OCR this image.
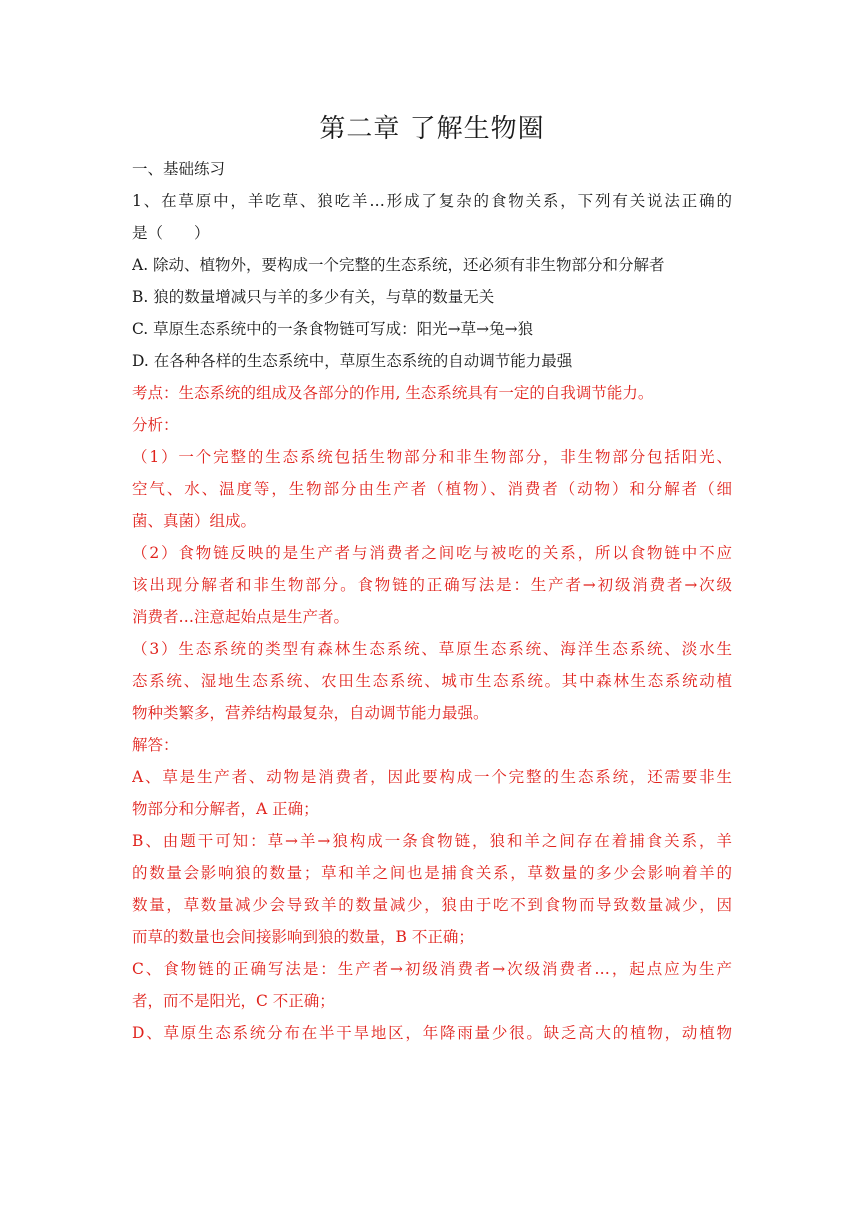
第二章 了解生物圈
一、基础练习
1、在草原中，羊吃草、狼吃羊…形成了复杂的食物关系，下列有关说法正确的
是（　　）
A. 除动、植物外，要构成一个完整的生态系统，还必须有非生物部分和分解者
B. 狼的数量增减只与羊的多少有关，与草的数量无关
C. 草原生态系统中的一条食物链可写成：阳光→草→兔→狼
D. 在各种各样的生态系统中，草原生态系统的自动调节能力最强
考点：生态系统的组成及各部分的作用, 生态系统具有一定的自我调节能力。
分析：
（1）一个完整的生态系统包括生物部分和非生物部分，非生物部分包括阳光、
空气、水、温度等，生物部分由生产者（植物）、消费者（动物）和分解者（细
菌、真菌）组成。
（2）食物链反映的是生产者与消费者之间吃与被吃的关系，所以食物链中不应
该出现分解者和非生物部分。食物链的正确写法是：生产者→初级消费者→次级
消费者…注意起始点是生产者。
（3）生态系统的类型有森林生态系统、草原生态系统、海洋生态系统、淡水生
态系统、湿地生态系统、农田生态系统、城市生态系统。其中森林生态系统动植
物种类繁多，营养结构最复杂，自动调节能力最强。
解答：
A、草是生产者、动物是消费者，因此要构成一个完整的生态系统，还需要非生
物部分和分解者，A 正确；
B、由题干可知：草→羊→狼构成一条食物链，狼和羊之间存在着捕食关系，羊
的数量会影响狼的数量；草和羊之间也是捕食关系，草数量的多少会影响着羊的
数量，草数量减少会导致羊的数量减少，狼由于吃不到食物而导致数量减少，因
而草的数量也会间接影响到狼的数量，B 不正确；
C、食物链的正确写法是：生产者→初级消费者→次级消费者…，起点应为生产
者，而不是阳光，C 不正确；
D、草原生态系统分布在半干旱地区，年降雨量少很。缺乏高大的植物，动植物
